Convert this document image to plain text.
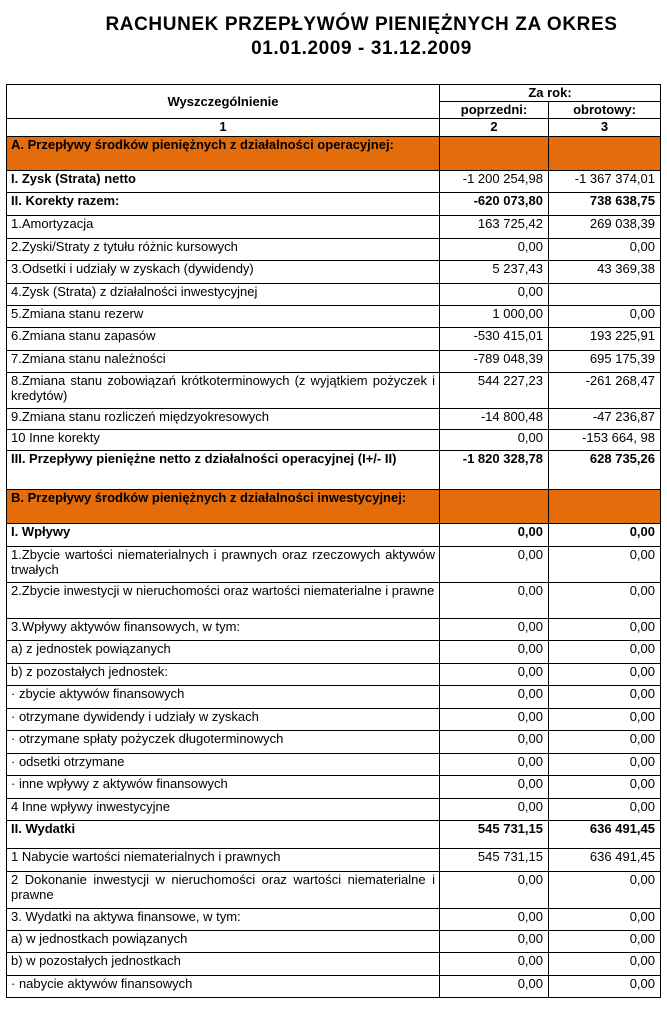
RACHUNEK PRZEPŁYWÓW PIENIĘŻNYCH ZA OKRES
01.01.2009 - 31.12.2009
Wyszczególnienie	Za rok:	
	poprzedni:	obrotowy:
1	2	3
A. Przepływy środków pieniężnych z działalności operacyjnej:		
I. Zysk (Strata) netto	-1 200 254,98	-1 367 374,01
II. Korekty razem:	-620 073,80	738 638,75
1.Amortyzacja	163 725,42	269 038,39
2.Zyski/Straty z tytułu różnic kursowych	0,00	0,00
3.Odsetki i udziały w zyskach (dywidendy)	5 237,43	43 369,38
4.Zysk (Strata) z działalności inwestycyjnej	0,00	
5.Zmiana stanu rezerw	1 000,00	0,00
6.Zmiana stanu zapasów	-530 415,01	193 225,91
7.Zmiana stanu należności	-789 048,39	695 175,39
8.Zmiana stanu zobowiązań krótkoterminowych (z wyjątkiem pożyczek i kredytów)	544 227,23	-261 268,47
9.Zmiana stanu rozliczeń międzyokresowych	-14 800,48	-47 236,87
10 Inne korekty	0,00	-153 664, 98
III. Przepływy pieniężne netto z działalności operacyjnej (I+/- II)	-1 820 328,78	628 735,26
B. Przepływy środków pieniężnych z działalności inwestycyjnej:		
I. Wpływy	0,00	0,00
1.Zbycie wartości niematerialnych i prawnych oraz rzeczowych aktywów trwałych	0,00	0,00
2.Zbycie inwestycji w nieruchomości oraz wartości niematerialne i prawne	0,00	0,00
3.Wpływy aktywów finansowych, w tym:	0,00	0,00
a) z jednostek powiązanych	0,00	0,00
b) z pozostałych jednostek:	0,00	0,00
· zbycie aktywów finansowych	0,00	0,00
· otrzymane dywidendy i udziały w zyskach	0,00	0,00
· otrzymane spłaty pożyczek długoterminowych	0,00	0,00
· odsetki otrzymane	0,00	0,00
· inne wpływy z aktywów finansowych	0,00	0,00
4 Inne wpływy inwestycyjne	0,00	0,00
II. Wydatki	545 731,15	636 491,45
1 Nabycie wartości niematerialnych i prawnych	545 731,15	636 491,45
2 Dokonanie inwestycji w nieruchomości oraz wartości niematerialne i prawne	0,00	0,00
3. Wydatki na aktywa finansowe, w tym:	0,00	0,00
a) w jednostkach powiązanych	0,00	0,00
b) w pozostałych jednostkach	0,00	0,00
· nabycie aktywów finansowych	0,00	0,00
